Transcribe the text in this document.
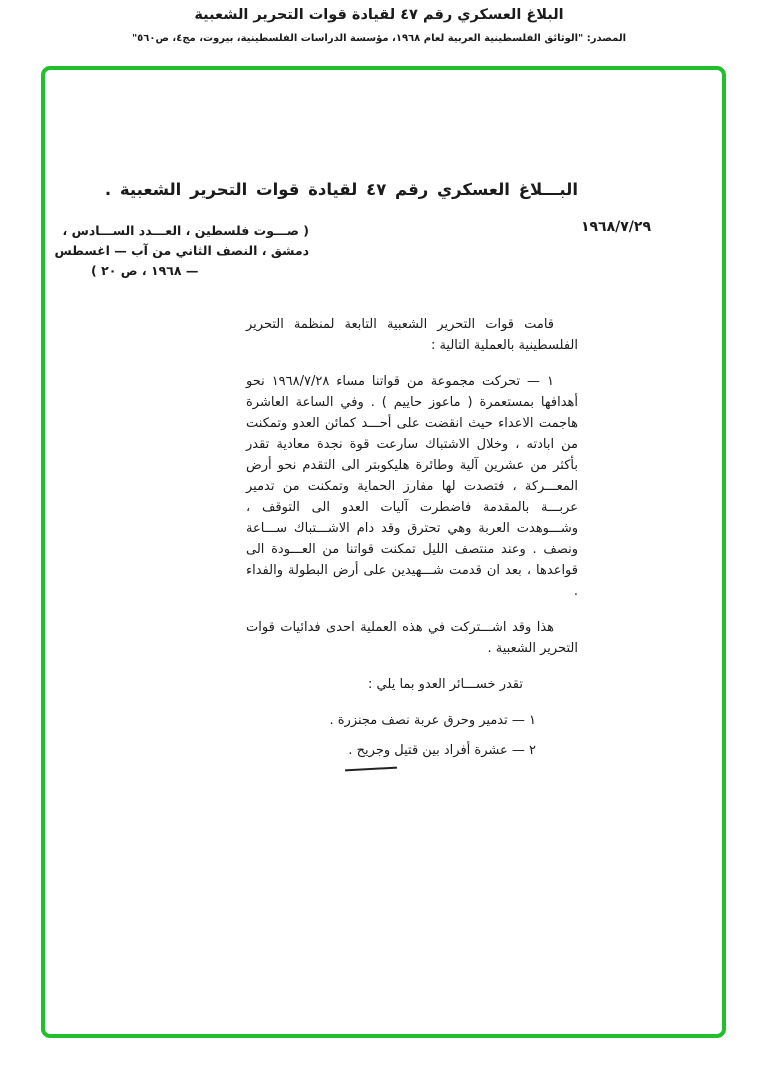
البلاغ العسكري رقم ٤٧ لقيادة قوات التحرير الشعبية
المصدر: "الوثائق الفلسطينية العربية لعام ١٩٦٨، مؤسسة الدراسات الفلسطينية، بيروت، مج٤، ص٥٦٠"
البـــلاغ العسكري رقم ٤٧ لقيادة قوات التحرير الشعبية .
١٩٦٨/٧/٢٩
( صـــوت فلسطين ، العـــدد الســـادس ،
دمشق ، النصف الثاني من آب — اغسطس
— ١٩٦٨ ، ص ٢٠ )

قامت قوات التحرير الشعبية التابعة لمنظمة التحرير الفلسطينية بالعملية التالية :

١ — تحركت مجموعة من قواتنا مساء ١٩٦٨/٧/٢٨ نحو أهدافها بمستعمرة ( ماعوز حاييم ) . وفي الساعة العاشرة هاجمت الاعداء حيث انقضت على أحـــد كمائن العدو وتمكنت من ابادته ، وخلال الاشتباك سارعت قوة نجدة معادية تقدر بأكثر من عشرين آلية وطائرة هليكوبتر الى التقدم نحو أرض المعـــركة ، فتصدت لها مفارز الحماية وتمكنت من تدمير عربـــة بالمقدمة فاضطرت آليات العدو الى التوقف ، وشـــوهدت العربة وهي تحترق وقد دام الاشـــتباك ســـاعة ونصف . وعند منتصف الليل تمكنت قواتنا من العـــودة الى قواعدها ، بعد ان قدمت شـــهيدين على أرض البطولة والفداء .

هذا وقد اشـــتركت في هذه العملية احدى فدائيات قوات التحرير الشعبية .

تقدر خســـائر العدو بما يلي :

١ — تدمير وحرق عربة نصف مجنزرة .

٢ — عشرة أفراد بين قتيل وجريح .
